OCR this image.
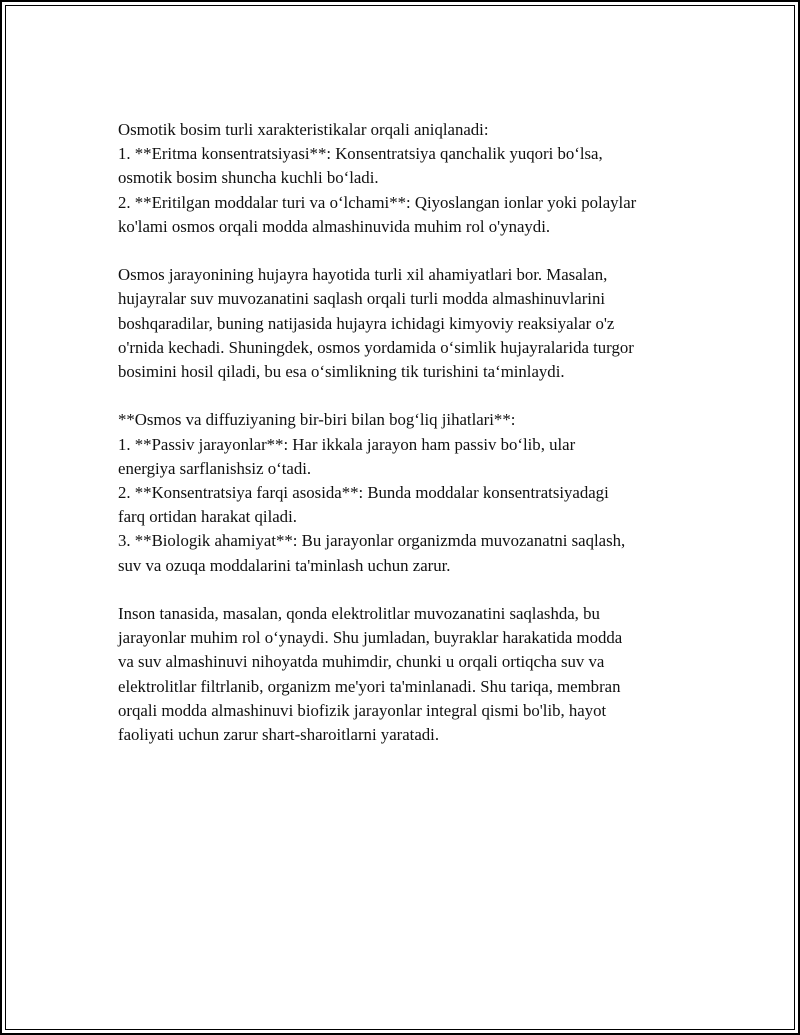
Osmotik bosim turli xarakteristikalar orqali aniqlanadi:
1. **Eritma konsentratsiyasi**: Konsentratsiya qanchalik yuqori bo‘lsa,
osmotik bosim shuncha kuchli bo‘ladi.
2. **Eritilgan moddalar turi va o‘lchami**: Qiyoslangan ionlar yoki polaylar
ko'lami osmos orqali modda almashinuvida muhim rol o'ynaydi.
Osmos jarayonining hujayra hayotida turli xil ahamiyatlari bor. Masalan,
hujayralar suv muvozanatini saqlash orqali turli modda almashinuvlarini
boshqaradilar, buning natijasida hujayra ichidagi kimyoviy reaksiyalar o'z
o'rnida kechadi. Shuningdek, osmos yordamida o‘simlik hujayralarida turgor
bosimini hosil qiladi, bu esa o‘simlikning tik turishini ta‘minlaydi.
**Osmos va diffuziyaning bir-biri bilan bog‘liq jihatlari**:
1. **Passiv jarayonlar**: Har ikkala jarayon ham passiv bo‘lib, ular
energiya sarflanishsiz o‘tadi.
2. **Konsentratsiya farqi asosida**: Bunda moddalar konsentratsiyadagi
farq ortidan harakat qiladi.
3. **Biologik ahamiyat**: Bu jarayonlar organizmda muvozanatni saqlash,
suv va ozuqa moddalarini ta'minlash uchun zarur.
Inson tanasida, masalan, qonda elektrolitlar muvozanatini saqlashda, bu
jarayonlar muhim rol o‘ynaydi. Shu jumladan, buyraklar harakatida modda
va suv almashinuvi nihoyatda muhimdir, chunki u orqali ortiqcha suv va
elektrolitlar filtrlanib, organizm me'yori ta'minlanadi. Shu tariqa, membran
orqali modda almashinuvi biofizik jarayonlar integral qismi bo'lib, hayot
faoliyati uchun zarur shart-sharoitlarni yaratadi.
